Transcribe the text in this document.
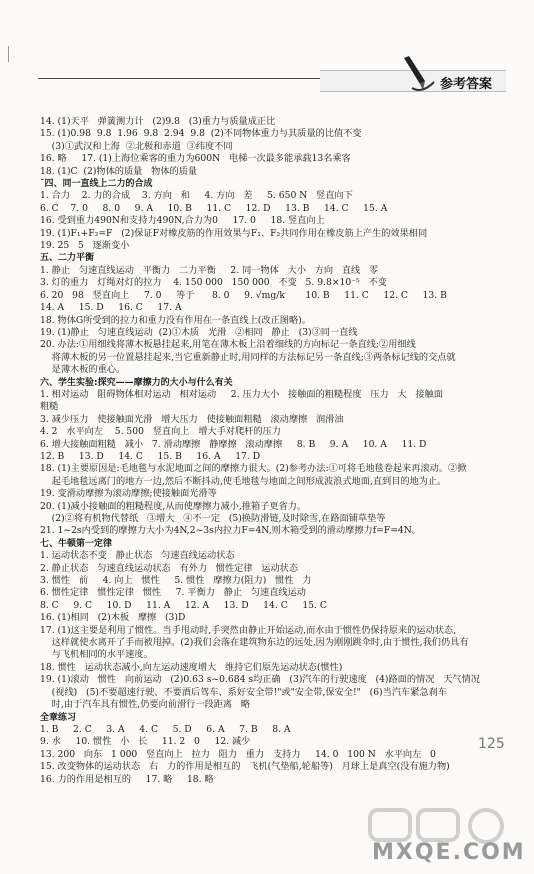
参考答案
14. (1)天平   弹簧测力计   (2)9.8   (3)重力与质量成正比
15. (1)0.98  9.8  1.96  9.8  2.94  9.8  (2)不同物体重力与其质量的比值不变
(3)①武汉和上海  ②北极和赤道  ③纬度不同
16. 略     17. (1)上海位乘客的重力为600N   电梯一次最多能承载13名乘客
18. (1)C  (2)物体的质量   物体的质量
¯四、同一直线上二力的合成
1. 合力    2. 力的合成    3. 方向   和     4. 方向   差     5. 650 N   竖直向下
6. C    7. 0     8. 0     9. A     10. B     11. C     12. D     13. B     14. C     15. A
16. 受到重力490N和支持力490N,合力为0     17. 0     18. 竖直向上
19. (1)F₁+F₂=F   (2)保证F对橡皮筋的作用效果与F₁、F₂共同作用在橡皮筋上产生的效果相同
19. 25   5   逐渐变小
五、二力平衡
1. 静止   匀速直线运动   平衡力   二力平衡     2. 同一物体   大小   方向   直线   零
3. 灯的重力   灯绳对灯的拉力    4. 150 000   150 000   不变   5. 9.8×10⁻⁵   不变
6. 20   98   竖直向上     7. 0     等于      8. 0     9. √mg/k       10. B     11. C     12. C     13. B
14. A     15. D     16. C     17. A
18. 物体G所受到的拉力和重力没有作用在一条直线上(改正图略)。
19. (1)静止   匀速直线运动  (2)①木质   光滑   ②相同   静止   (3)③同一直线
20. 办法:①用细线将薄木板悬挂起来,用笔在薄木板上沿着细线的方向标记一条直线;②用细线
将薄木板的另一位置悬挂起来,当它重新静止时,用同样的方法标记另一条直线;③两条标记线的交点就
是薄木板的重心。
六、学生实验:探究——摩擦力的大小与什么有关
1. 相对运动   阻碍物体相对运动   相对运动     2. 压力大小   接触面的粗糙程度   压力   大   接触面
粗糙
3. 减少压力   使接触面光滑   增大压力   使接触面粗糙   滚动摩擦   润滑油
4. 2   水平向左    5. 500   竖直向上   增大手对爬杆的压力
6. 增大接触面粗糙   减小   7. 滑动摩擦   静摩擦   滚动摩擦     8. B     9. A     10. A     11. D
12. B     13. D     14. C     15. B     16. A     17. D
18. (1)主要原因是:毛地毯与水泥地面之间的摩擦力很大。(2)参考办法:①可将毛地毯卷起来再滚动。②掀
起毛地毯远离门的地方一边,然后不断抖动,使毛地毯与地面之间形成波浪式地面,直到目的地为止。
19. 变滑动摩擦为滚动摩擦;使接触面光滑等
20. (1)减小接触面的粗糙程度,从而使摩擦力减小,推箱子更省力。
(2)②将有机物代替纸   ③增大   ④不一定   (5)换防滑链,及时除雪,在路面铺草垫等
21. 1~2s内受到的摩擦力大小为4N,2~3s内拉力F=4N,则木箱受到的滑动摩擦力f=F=4N。
七、牛顿第一定律
1. 运动状态不变   静止状态   匀速直线运动状态
2. 静止状态   匀速直线运动状态   有外力   惯性定律   运动状态
3. 惯性   前     4. 向上   惯性     5. 惯性   摩擦力(阻力)   惯性   力
6. 惯性定律   惯性定律   惯性     7. 平衡力   静止   匀速直线运动
8. C     9. C     10. D     11. A     12. A     13. D     14. C     15. C
16. (1)相同   (2)木板   摩擦   (3)D
17. (1)这主要是利用了惯性。当手甩动时,手突然由静止开始运动,而水由于惯性仍保持原来的运动状态,
这样就使水离开了手而被甩掉。(2)我们会落在建筑物东边的远处,因为刚刚跳伞时,由于惯性,我们仍具有
与飞机相同的水平速度。
18. 惯性   运动状态减小,向左运动速度增大   维持它们原先运动状态(惯性)
19. (1)滚动   惯性   向前运动   (2)0.63 s~0.684 s均正确   (3)汽车的行驶速度   (4)路面的情况   天气情况
(视线)   (5)不要超速行驶、不要酒后驾车、系好安全带!"或"安全带,保安全!"   (6)当汽车紧急刹车
时,由于汽车具有惯性,仍要向前滑行一段距离   略
全章练习
1. B     2. C     3. A     4. C     5. D     6. A     7. B     8. A
9. 水     10. 惯性   小   长     11. 2   0     12. 减少
13. 200   向东   1 000   竖直向上   拉力   阻力   重力   支持力     14. 0   100 N   水平向左   0
15. 改变物体的运动状态   右   力的作用是相互的   飞机(气垫船,轮船等)   月球上是真空(没有施力物)
16. 力的作用是相互的     17. 略     18. 略
125
MXQE.COM
